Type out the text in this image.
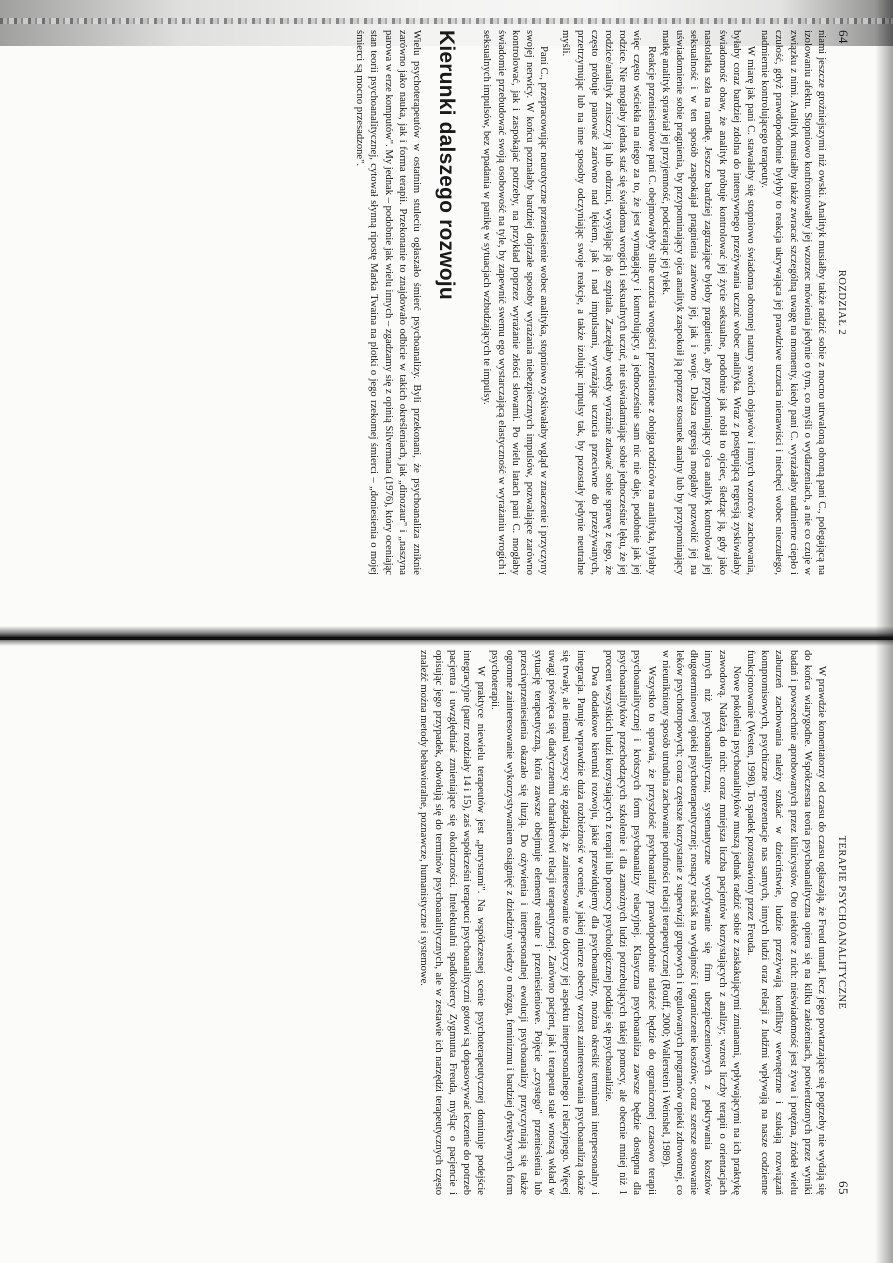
64
ROZDZIAŁ 2

niami jeszcze groźniejszymi niż owski. Analityk musiałby także radzić sobie z mocno utrwaloną obroną pani C., polegającą na izolowaniu afektu. Stopniowo konfrontowałby jej wzorzec mówienia jedynie o tym, co myśli o wydarzeniach, a nie co czuje w związku z nimi. Analityk musiałby także zwracać szczególną uwagę na momenty, kiedy pani C. wyrażałaby nadmierne ciepło i czułość, gdyż prawdopodobnie byłyby to reakcja ukrywająca jej prawdziwe uczucia nienawiści i niechęci wobec nieczułego, nadmiernie kontrolującego terapeuty.

W miarę jak pani C. stawałaby się stopniowo świadoma obronnej natury swoich objawów i innych wzorców zachowania, byłaby coraz bardziej zdolna do intensywnego przeżywania uczuć wobec analityka. Wraz z postępującą regresją zyskiwałaby świadomość obaw, że analityk próbuje kontrolować jej życie seksualne, podobnie jak robił to ojciec, śledząc ją, gdy jako nastolatka szła na randkę. Jeszcze bardziej zagrażające byłoby pragnienie, aby przypominający ojca analityk kontrolował jej seksualność i w ten sposób zaspokajał pragnienia zarówno jej, jak i swoje. Dalsza regresja mogłaby pozwolić jej na uświadomienie sobie pragnienia, by przypominający ojca analityk zaspokoił ją poprzez stosunek analny lub by przypominający matkę analityk sprawiał jej przyjemność, podcierając jej tyłek.

Reakcje przeniesieniowe pani C. obejmowałyby silne uczucia wrogości przeniesione z obojga rodziców na analityka, byłaby więc często wściekła na niego za to, że jest wymagający i kontrolujący, a jednocześnie sam nic nie daje, podobnie jak jej rodzice. Nie mogłaby jednak stać się świadoma wrogich i seksualnych uczuć, nie uświadamiając sobie jednocześnie lęku, że jej rodzice/analityk zniszczy ją lub odrzuci, wysyłając ją do szpitala. Zaczęłaby wtedy wyrażnie zdawać sobie sprawę z tego, że często próbuje panować zarówno nad lękiem, jak i nad impulsami, wyrażając uczucia przeciwne do przeżywanych, przetrzymując lub na inne sposoby odczyniając swoje reakcje, a także izolując impulsy tak, by pozostały jedynie neutralne myśli.

Pani C., przepracowując neurotyczne przeniesienie wobec analityka, stopniowo zyskiwałaby wgląd w znaczenie i przyczyny swojej nerwicy. W końcu poznałaby bardziej dojrzałe sposoby wyrażania niebezpiecznych impulsów, pozwalające zarówno kontrolować, jak i zaspokajać potrzeby, na przykład poprzez wyrażanie złości słowami. Po wielu latach pani C. mogłaby świadomie przebudować swoją osobowość na tyle, by zapewnić swemu ego wystarczającą elastyczność w wyrażaniu wrogich i seksualnych impulsów, bez wpadania w panikę w sytuacjach wzbudzających te impulsy.

Kierunki dalszego rozwoju

Wielu psychoterapeutów w ostatnim stuleciu ogłaszało śmierć psychoanalizy. Byli przekonani, że psychoanaliza zniknie zarówno jako nauka, jak i forma terapii. Przekonanie to znajdowało odbicie w takich określeniach, jak „dinozaur" i „naszyna parowa w erze komputów". My jednak – podobnie jak wielu innych – zgadzamy się z opinią Silvermana (1976), który oceniając stan teorii psychoanalitycznej, cytował słynną ripostę Marka Twaina na plotki o jego rzekomej śmierci – „doniesienia o mojej śmierci są mocno przesadzone".

TERAPIE PSYCHOANALITYCZNE
65

W prawdzie komentatorzy od czasu do czasu ogłaszają, że Freud umarł, lecz jego powtarzające się pogrzeby nie wydają się do końca wiarygodne. Współczesna teoria psychoanalityczna opiera się na kilku założeniach, potwierdzonych przez wyniki badań i powszechnie aprobowanych przez klinicystów. Oto niektóre z nich: nieświadomość jest żywa i potężna, źródeł wielu zaburzeń zachowania należy szukać w dzieciństwie, ludzie przeżywają konflikty wewnętrzne i szukają rozwiązań kompromisowych, psychiczne reprezentacje nas samych, innych ludzi oraz relacji z ludźmi wpływają na nasze codzienne funkcjonowanie (Westen, 1998). To spadek pozostawiony przez Freuda.

Nowe pokolenia psychoanalityków muszą jednak radzić sobie z zaskakującymi zmianami, wpływającymi na ich praktykę zawodową. Należą do nich: coraz mniejsza liczba pacjentów korzystających z analizy; wzrost liczby terapii o orientacjach innych niż psychoanalityczna; systematyczne wycofywanie się firm ubezpieczeniowych z pokrywania kosztów długoterminowej opieki psychoterapeutycznej; rosnący nacisk na wydajność i ograniczenie kosztów; coraz szersze stosowanie leków psychotropowych; coraz częstsze korzystanie z superwizji grupowych i regulowanych programów opieki zdrowotnej, co w nieunikniony sposób utrudnia zachowanie poufności relacji terapeutycznej (Rouff, 2000; Wallerstein i Weinshel, 1989).

Wszystko to sprawia, że przyszłość psychoanalizy prawdopodobnie należeć będzie do ograniczonej czasowo terapii psychoanalitycznej i krótszych form psychoanalizy relacyjnej. Klasyczna psychoanaliza zawsze będzie dostępna dla psychoanalityków przechodzących szkolenie i dla zamożnych ludzi potrzebujących takiej pomocy, ale obecnie mniej niż 1 procent wszystkich ludzi korzystających z terapii lub pomocy psychologicznej poddaje się psychoanalizie.

Dwa dodatkowe kierunki rozwoju, jakie przewidujemy dla psychoanalizy, można określić terminami interpersonalny i integracja. Panuje wprawdzie duża rozbieżność w ocenie, w jakiej mierze obecny wzrost zainteresowania psychoanalizą okaże się trwały, ale niemal wszyscy się zgadzają, że zainteresowanie to dotyczy jej aspektu interpersonalnego i relacyjnego. Więcej uwagi poświęca się diadycznemu charakterowi relacji terapeutycznej. Zarówno pacjent, jak i terapeuta stale wnoszą wkład w sytuację terapeutyczną, która zawsze obejmuje elementy realne i przeniesieniowe. Pojęcie „czystego" przeniesienia lub przeciwprzeniesienia okazało się iluzją. Do ożywienia i interpersonalnej ewolucji psychoanalizy przyczyniają się także ogromne zainteresowanie wykorzystywaniem osiągnięć z dziedziny wiedzy o mózgu, feminizmu i bardziej dyrektywnych form psychoterapii.

W praktyce niewielu terapeutów jest „purystami". Na współczesnej scenie psychoterapeutycznej dominuje podejście integracyjne (patrz rozdziały 14 i 15), zaś współcześni terapeuci psychoanalityczni gotowi są dopasowywać leczenie do potrzeb pacjenta i uwzględniać zmieniające się okoliczności. Intelektualni spadkobiercy Zygmunta Freuda, myśląc o pacjencie i opisując jego przypadek, odwołują się do terminów psychoanalitycznych, ale w zestawie ich narzędzi terapeutycznych często znaleźć można metody behawioralne, poznawcze, humanistyczne i systemowe.
